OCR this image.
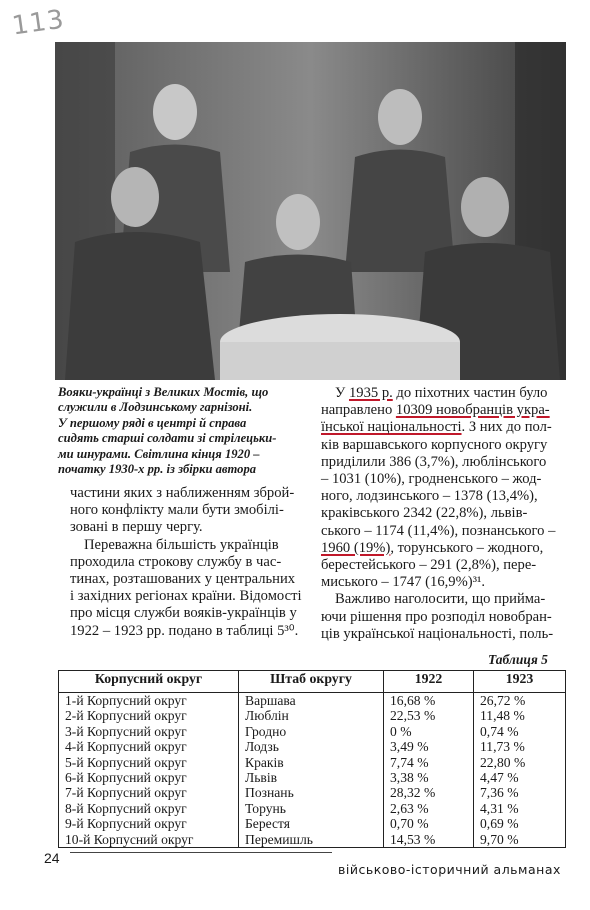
113
Вояки-українці з Великих Мостів, що
служили в Лодзинському гарнізоні.
У першому ряді в центрі й справа
сидять старші солдати зі стрілецьки-
ми шнурами. Світлина кінця 1920 –
початку 1930-х рр. із збірки автора
частини яких з наближенням зброй-
ного конфлікту мали бути змобілі-
зовані в першу чергу.
Переважна більшість українців
проходила строкову службу в час-
тинах, розташованих у центральних
і західних регіонах країни. Відомості
про місця служби вояків-українців у
1922 – 1923 рр. подано в таблиці 5³⁰.
У 1935 р. до піхотних частин було
направлено 10309 новобранців укра-
їнської національності. З них до пол-
ків варшавського корпусного округу
приділили 386 (3,7%), люблінського
– 1031 (10%), гродненського – жод-
ного, лодзинського – 1378 (13,4%),
краківського 2342 (22,8%), львів-
ського – 1174 (11,4%), познанського –
1960 (19%), торунського – жодного,
берестейського – 291 (2,8%), пере-
миського – 1747 (16,9%)³¹.
Важливо наголосити, що прийма-
ючи рішення про розподіл новобран-
ців української національності, поль-
Таблиця 5
Корпусний округ	Штаб округу	1922	1923
1-й Корпусний округ	Варшава	16,68 %	26,72 %
2-й Корпусний округ	Люблін	22,53 %	11,48 %
3-й Корпусний округ	Гродно	0 %	0,74 %
4-й Корпусний округ	Лодзь	3,49 %	11,73 %
5-й Корпусний округ	Краків	7,74 %	22,80 %
6-й Корпусний округ	Львів	3,38 %	4,47 %
7-й Корпусний округ	Познань	28,32 %	7,36 %
8-й Корпусний округ	Торунь	2,63 %	4,31 %
9-й Корпусний округ	Берестя	0,70 %	0,69 %
10-й Корпусний округ	Перемишль	14,53 %	9,70 %
24
військово-історичний альманах
